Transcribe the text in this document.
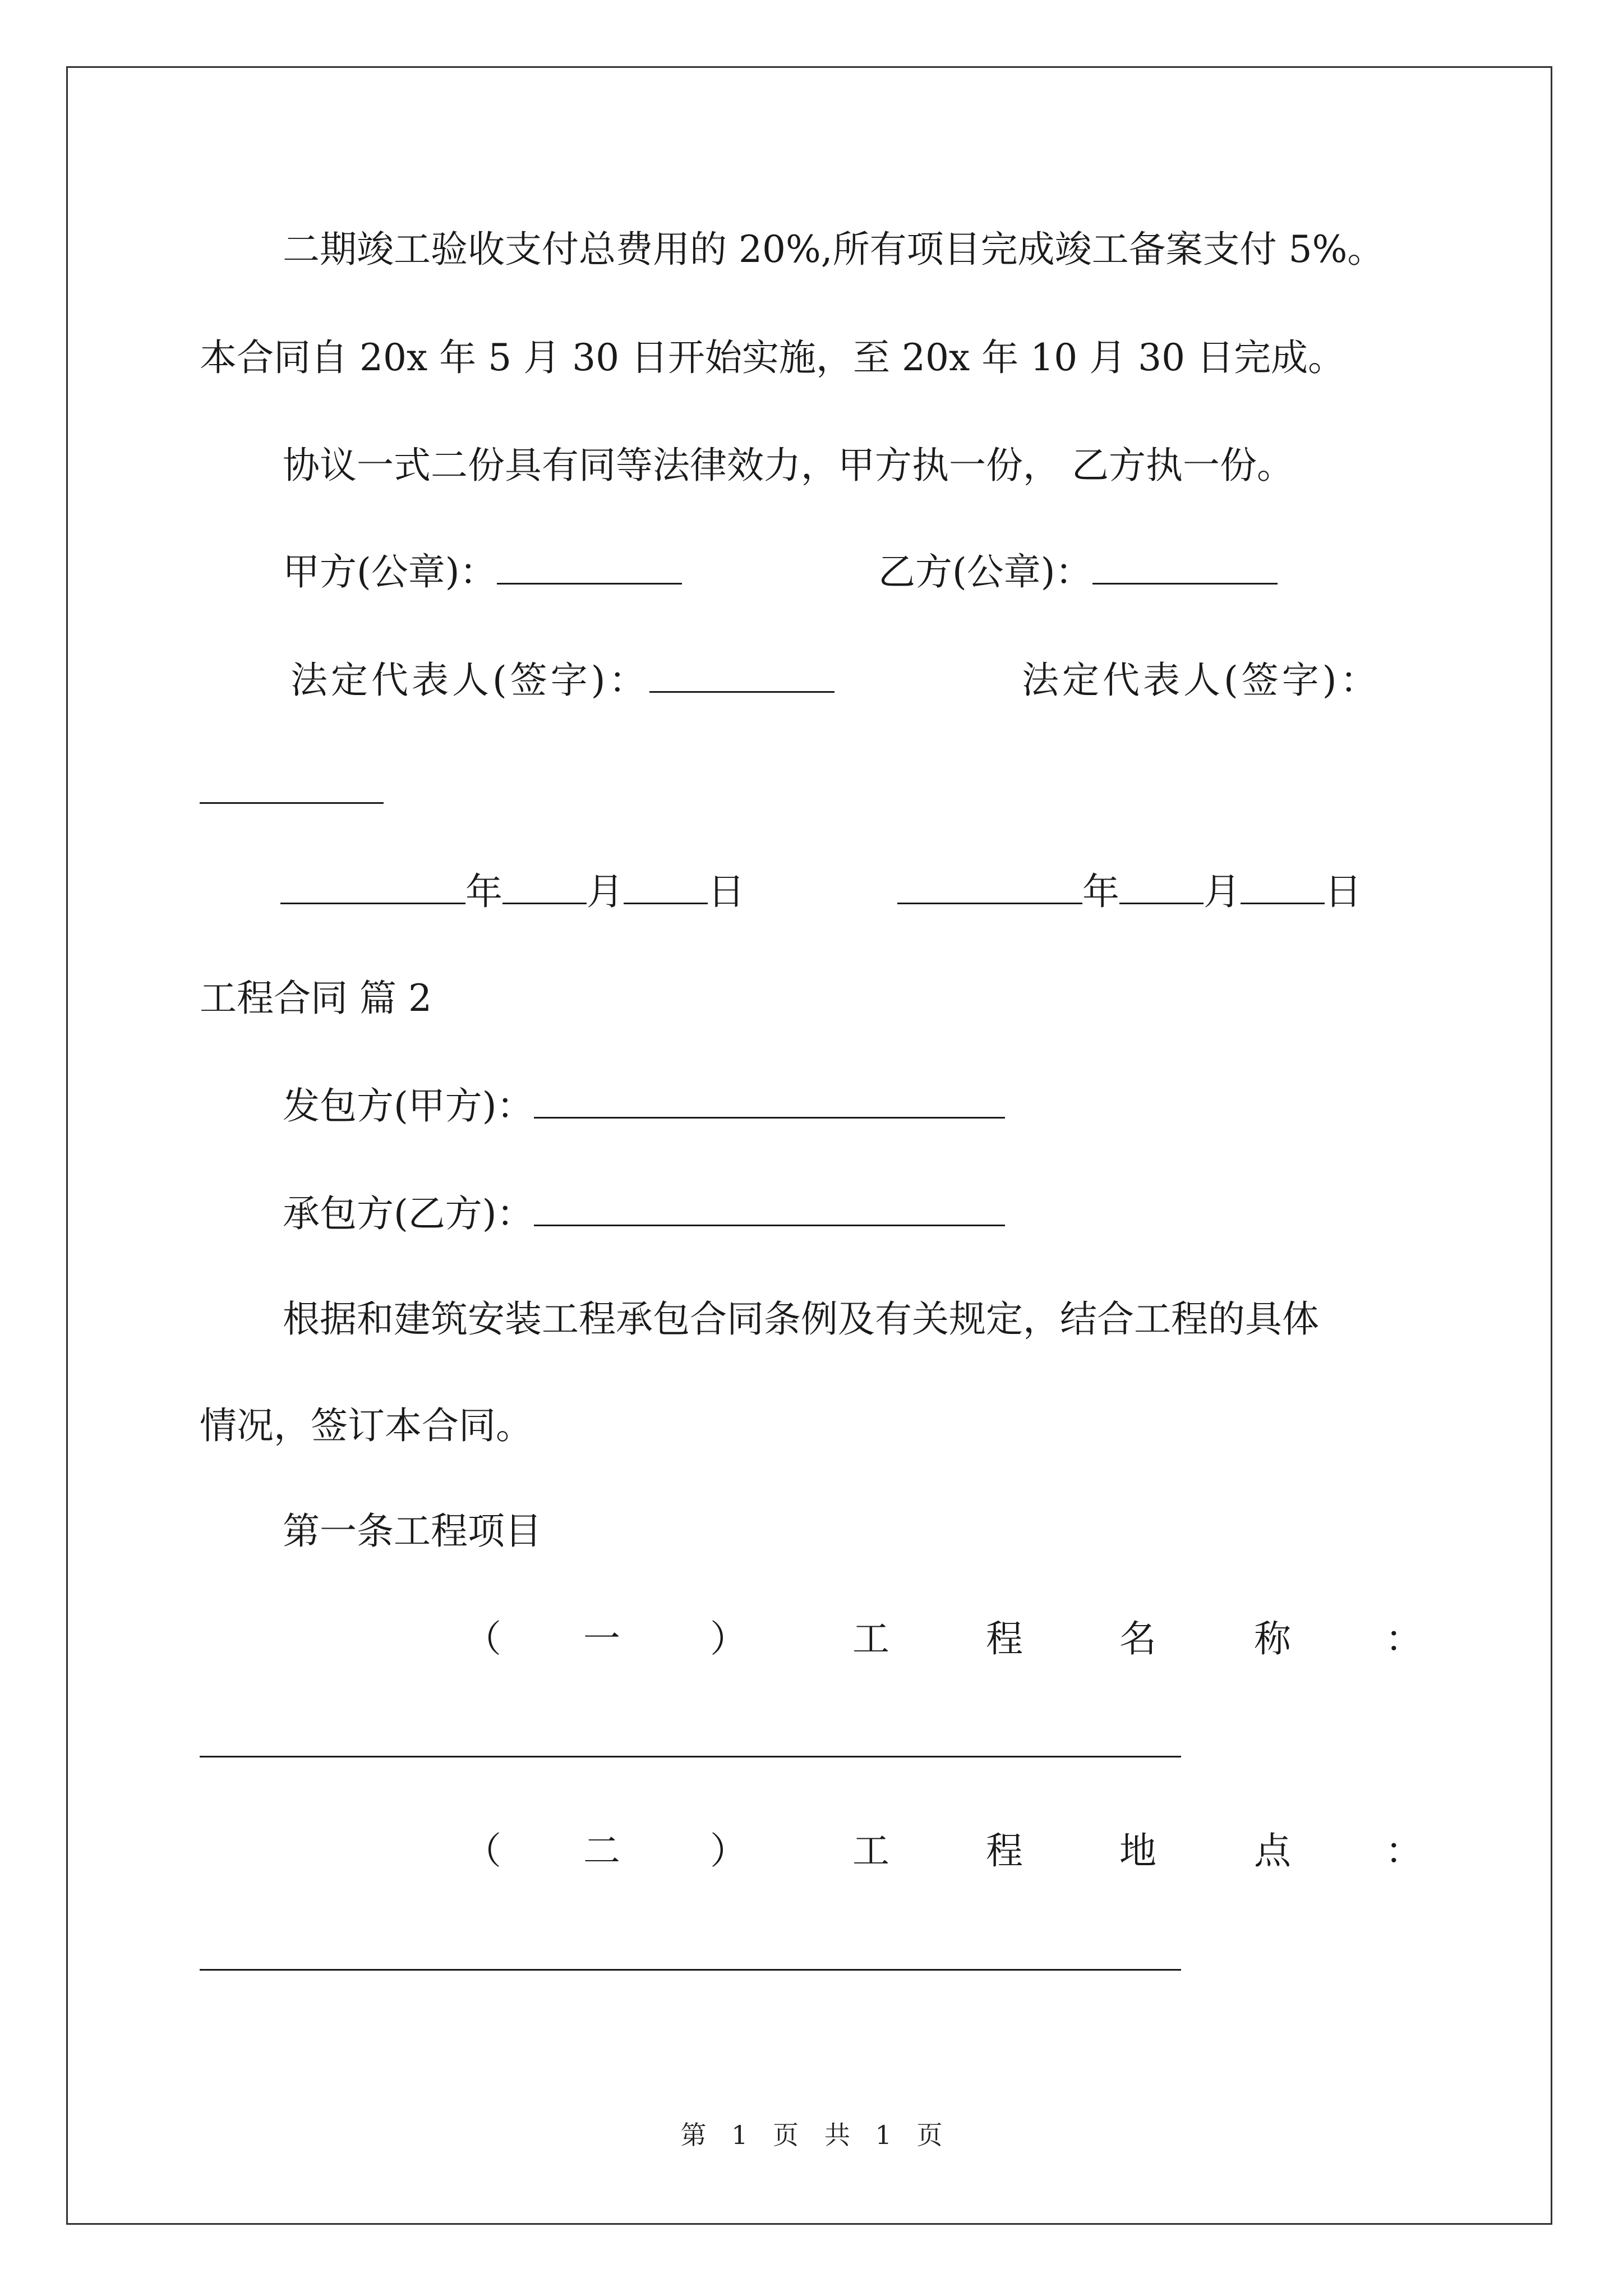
二期竣工验收支付总费用的 20%,所有项目完成竣工备案支付 5%。
本合同自 20x 年 5 月 30 日开始实施，至 20x 年 10 月 30 日完成。
协议一式二份具有同等法律效力，甲方执一份， 乙方执一份。
甲方(公章)：	乙方(公章)：
法定代表人(签字)：	法定代表人(签字)：
年 月 日	年 月 日
工程合同 篇 2
发包方(甲方)：
承包方(乙方)：
根据和建筑安装工程承包合同条例及有关规定，结合工程的具体
情况，签订本合同。
第一条工程项目
（ 一 ）	工	程	名	称	：
（ 二 ）	工	程	地	点	：
第 1 页　共 1 页
